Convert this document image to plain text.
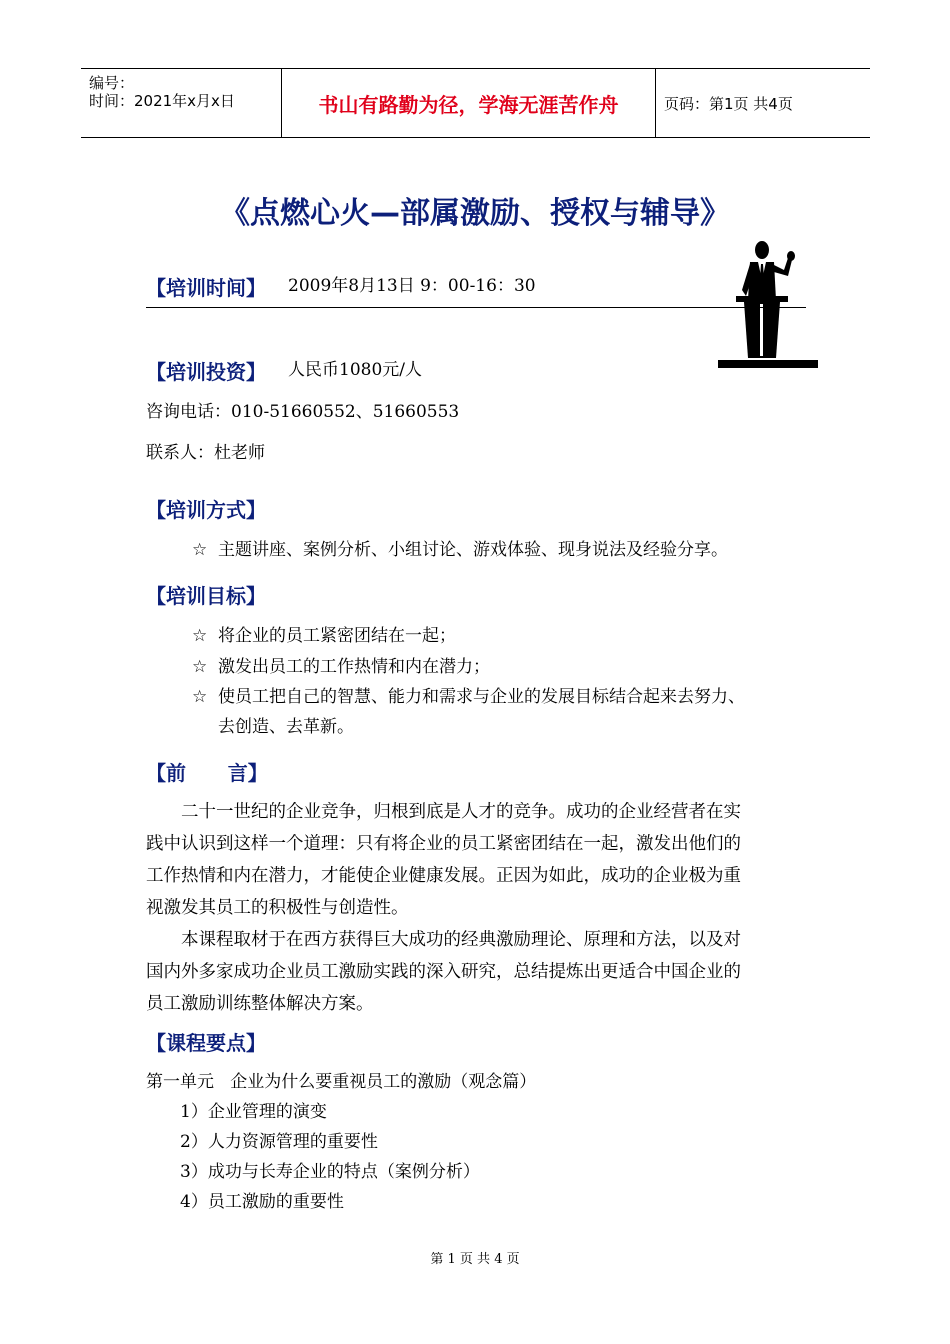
编号：
时间：2021年x月x日	书山有路勤为径，学海无涯苦作舟	页码：第1页 共4页
《点燃心火—部属激励、授权与辅导》
【培训时间】 2009年8月13日 9：00-16：30
【培训投资】 人民币1080元/人
咨询电话：010-51660552、51660553
联系人：杜老师
【培训方式】
☆ 主题讲座、案例分析、小组讨论、游戏体验、现身说法及经验分享。
【培训目标】
☆ 将企业的员工紧密团结在一起；
☆ 激发出员工的工作热情和内在潜力；
☆ 使员工把自己的智慧、能力和需求与企业的发展目标结合起来去努力、
去创造、去革新。
【前      言】
二十一世纪的企业竞争，归根到底是人才的竞争。成功的企业经营者在实
践中认识到这样一个道理：只有将企业的员工紧密团结在一起，激发出他们的
工作热情和内在潜力，才能使企业健康发展。正因为如此，成功的企业极为重
视激发其员工的积极性与创造性。
本课程取材于在西方获得巨大成功的经典激励理论、原理和方法，以及对
国内外多家成功企业员工激励实践的深入研究，总结提炼出更适合中国企业的
员工激励训练整体解决方案。
【课程要点】
第一单元   企业为什么要重视员工的激励（观念篇）
1）企业管理的演变
2）人力资源管理的重要性
3）成功与长寿企业的特点（案例分析）
4）员工激励的重要性
第 1 页 共 4 页
